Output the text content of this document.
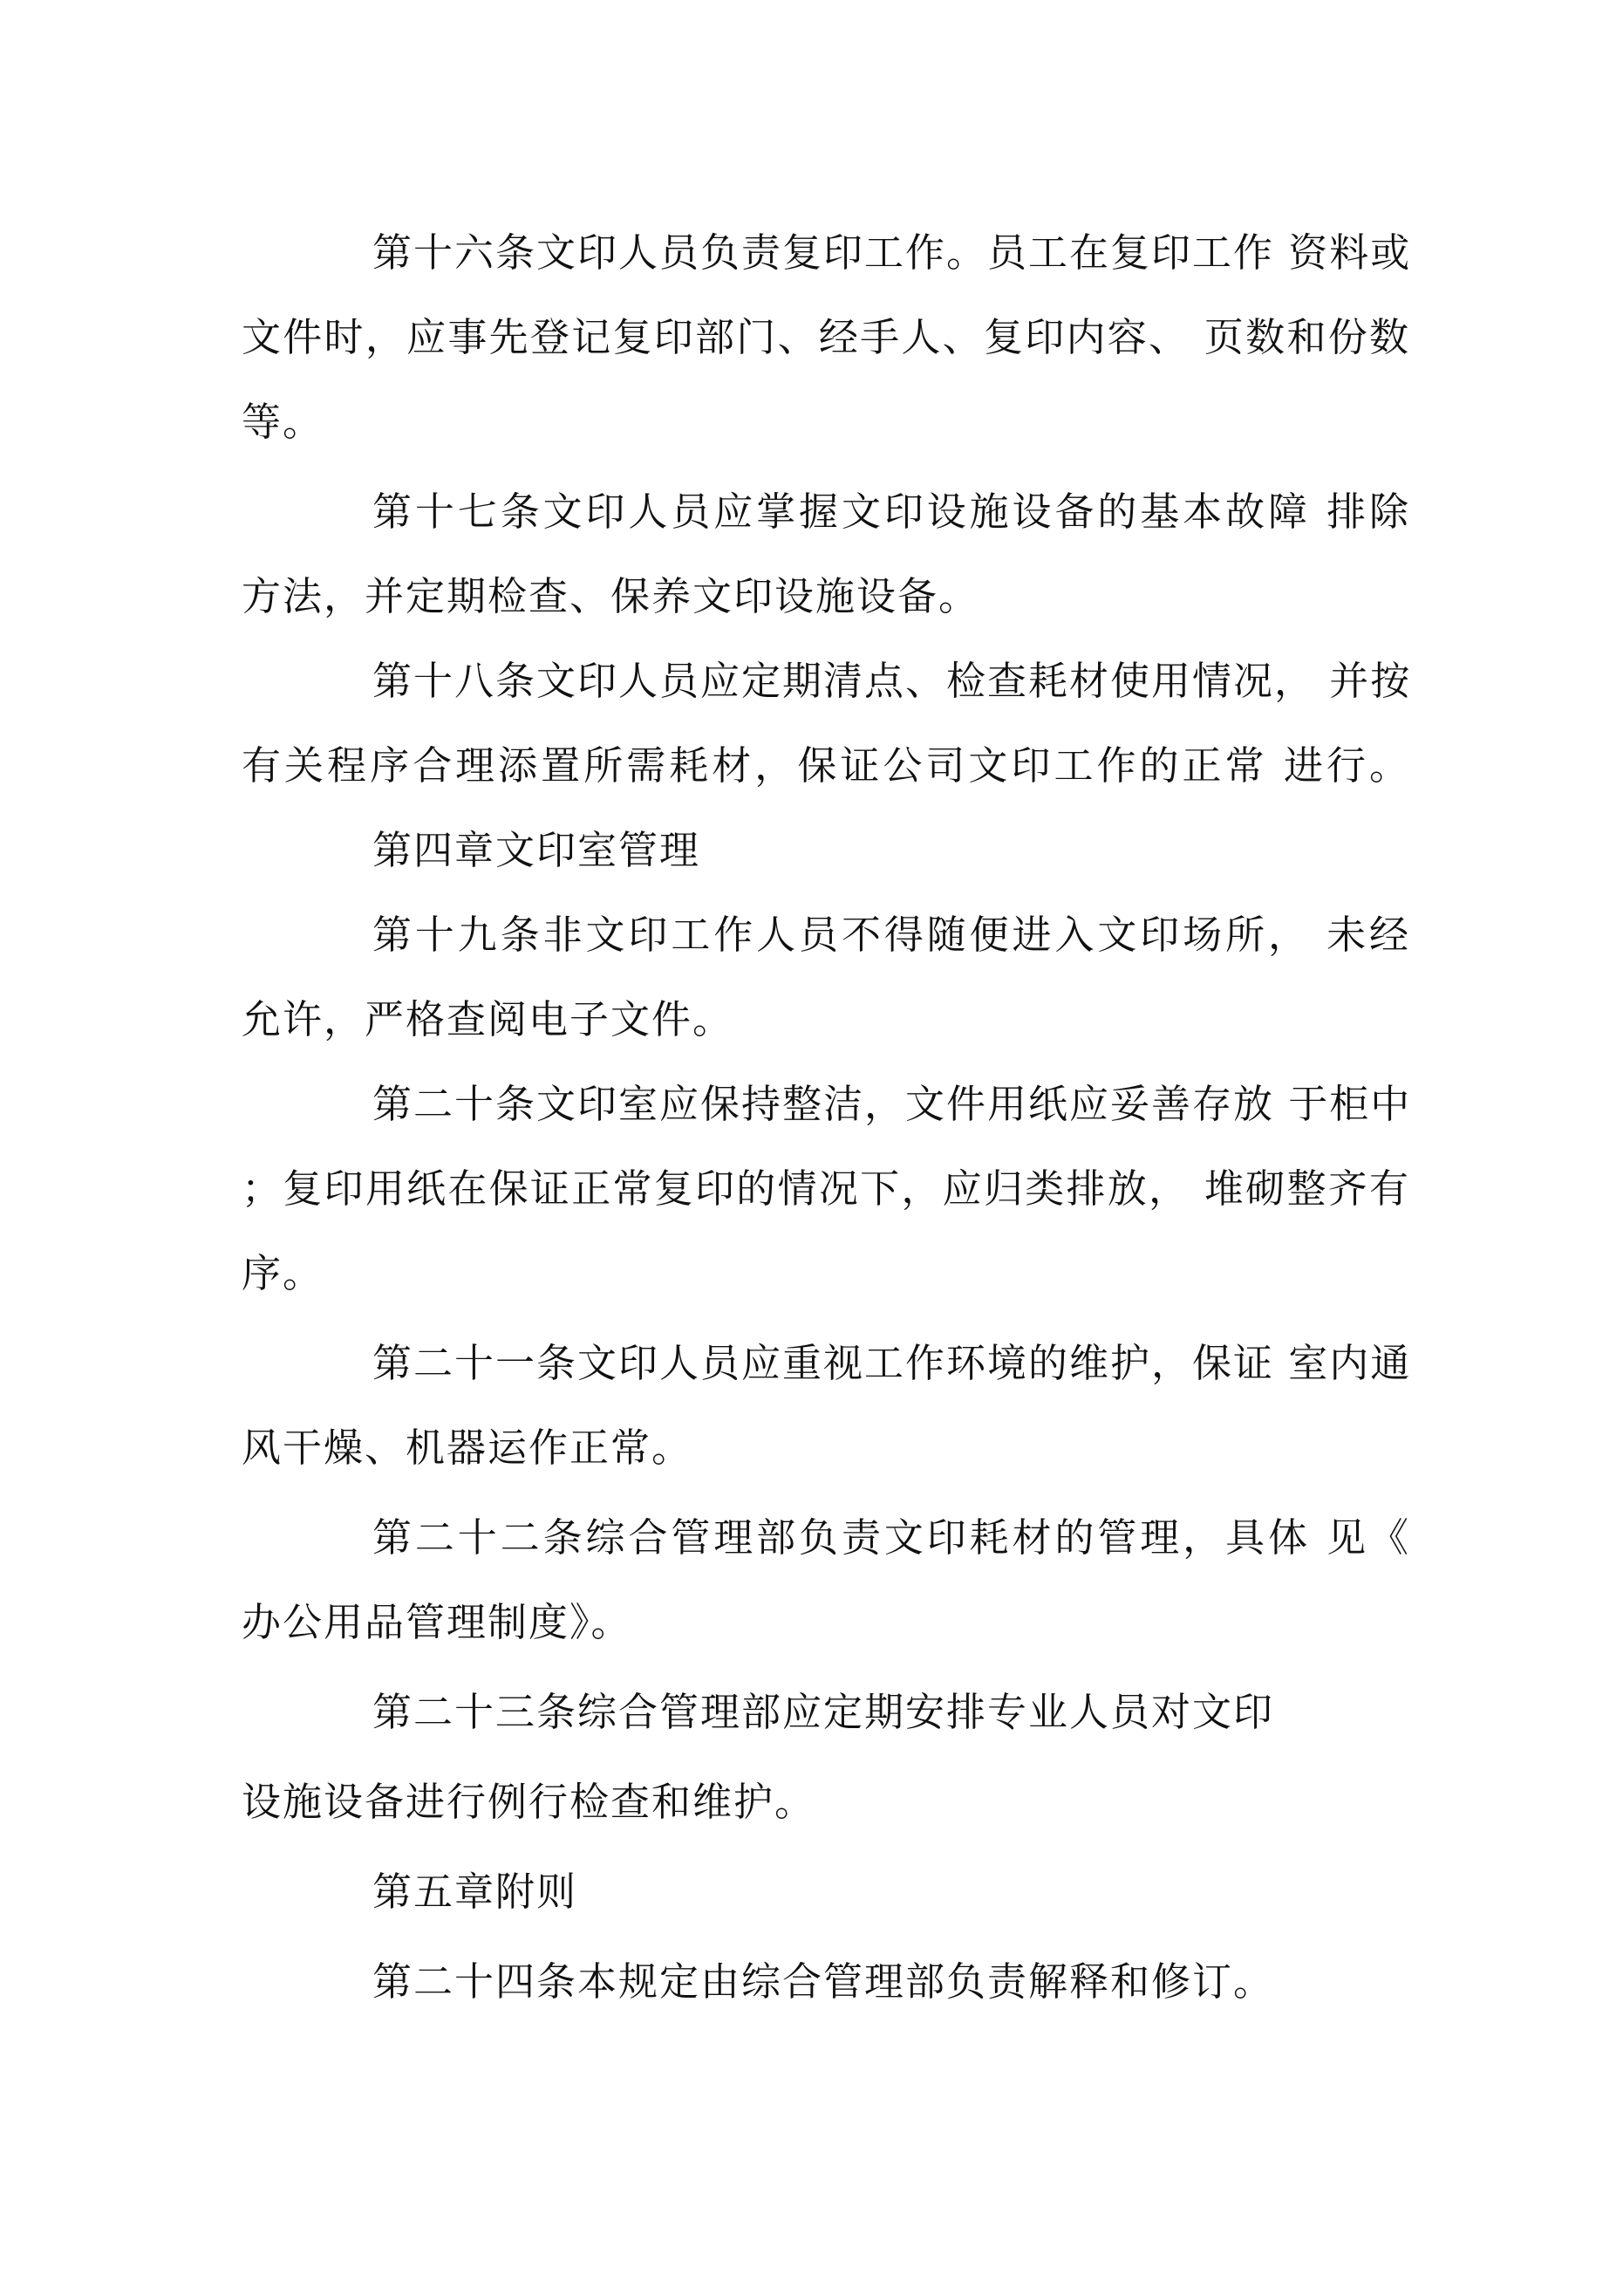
第十六条文印人员负责复印工作。员工在复印工作 资料或
文件时，应事先登记复印部门、经手人、复印内容、 页数和份数
等。
第十七条文印人员应掌握文印设施设备的基本故障 排除
方法，并定期检查、保养文印设施设备。
第十八条文印人员应定期清点、检查耗材使用情况， 并按
有关程序合理添置所需耗材，保证公司文印工作的正常 进行。
第四章文印室管理
第十九条非文印工作人员不得随便进入文印场所， 未经
允许，严格查阅电子文件。
第二十条文印室应保持整洁，文件用纸应妥善存放 于柜中
；复印用纸在保证正常复印的情况下，应归类排放， 堆砌整齐有
序。
第二十一条文印人员应重视工作环境的维护，保证 室内通
风干燥、机器运作正常。
第二十二条综合管理部负责文印耗材的管理，具体 见《
办公用品管理制度》。
第二十三条综合管理部应定期安排专业人员对文印
设施设备进行例行检查和维护。
第五章附则
第二十四条本规定由综合管理部负责解释和修订。
